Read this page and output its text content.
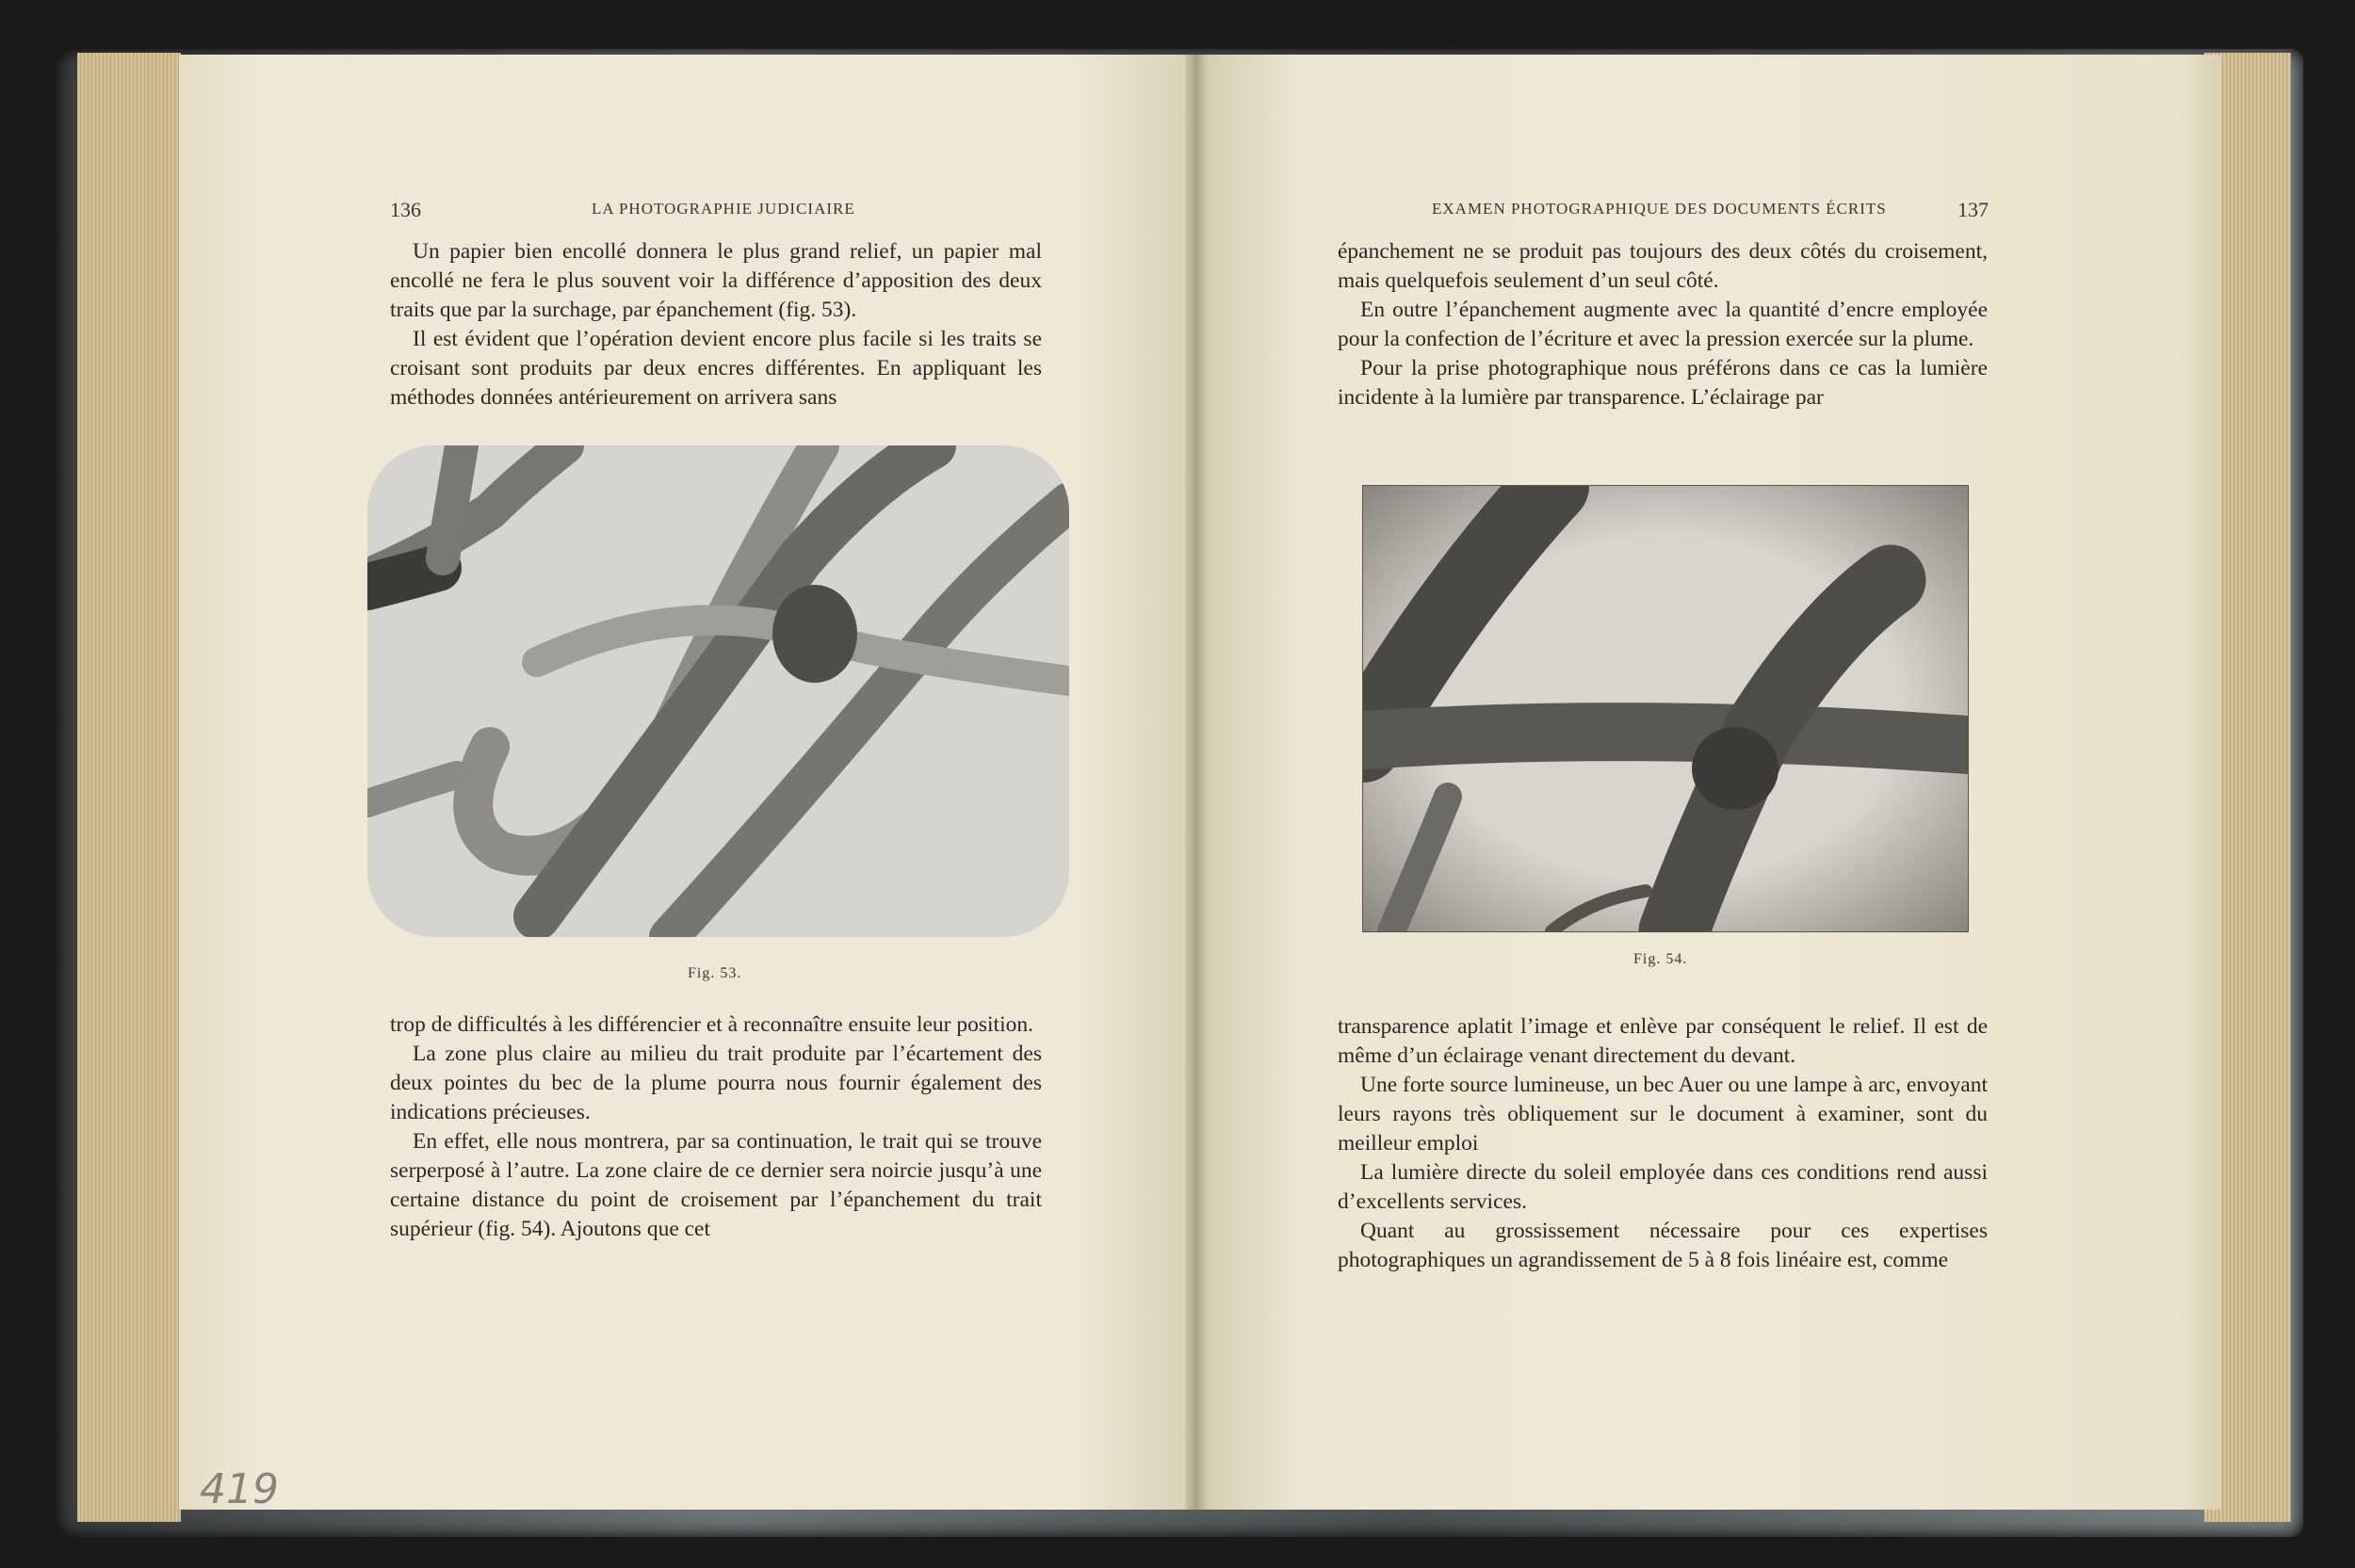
136	LA PHOTOGRAPHIE JUDICIAIRE

Un papier bien encollé donnera le plus grand relief, un papier mal encollé ne fera le plus souvent voir la différence d’apposition des deux traits que par la surchage, par épanchement (fig. 53).

Il est évident que l’opération devient encore plus facile si les traits se croisant sont produits par deux encres différentes. En appliquant les méthodes données antérieurement on arrivera sans

Fig. 53.

trop de difficultés à les différencier et à reconnaître ensuite leur position.

La zone plus claire au milieu du trait produite par l’écartement des deux pointes du bec de la plume pourra nous fournir également des indications précieuses.

En effet, elle nous montrera, par sa continuation, le trait qui se trouve serperposé à l’autre. La zone claire de ce dernier sera noircie jusqu’à une certaine distance du point de croisement par l’épanchement du trait supérieur (fig. 54). Ajoutons que cet

419
EXAMEN PHOTOGRAPHIQUE DES DOCUMENTS ÉCRITS	137

épanchement ne se produit pas toujours des deux côtés du croisement, mais quelquefois seulement d’un seul côté.

En outre l’épanchement augmente avec la quantité d’encre employée pour la confection de l’écriture et avec la pression exercée sur la plume.

Pour la prise photographique nous préférons dans ce cas la lumière incidente à la lumière par transparence. L’éclairage par

Fig. 54.

transparence aplatit l’image et enlève par conséquent le relief. Il est de même d’un éclairage venant directement du devant.

Une forte source lumineuse, un bec Auer ou une lampe à arc, envoyant leurs rayons très obliquement sur le document à examiner, sont du meilleur emploi

La lumière directe du soleil employée dans ces conditions rend aussi d’excellents services.

Quant au grossissement nécessaire pour ces expertises photographiques un agrandissement de 5 à 8 fois linéaire est, comme
